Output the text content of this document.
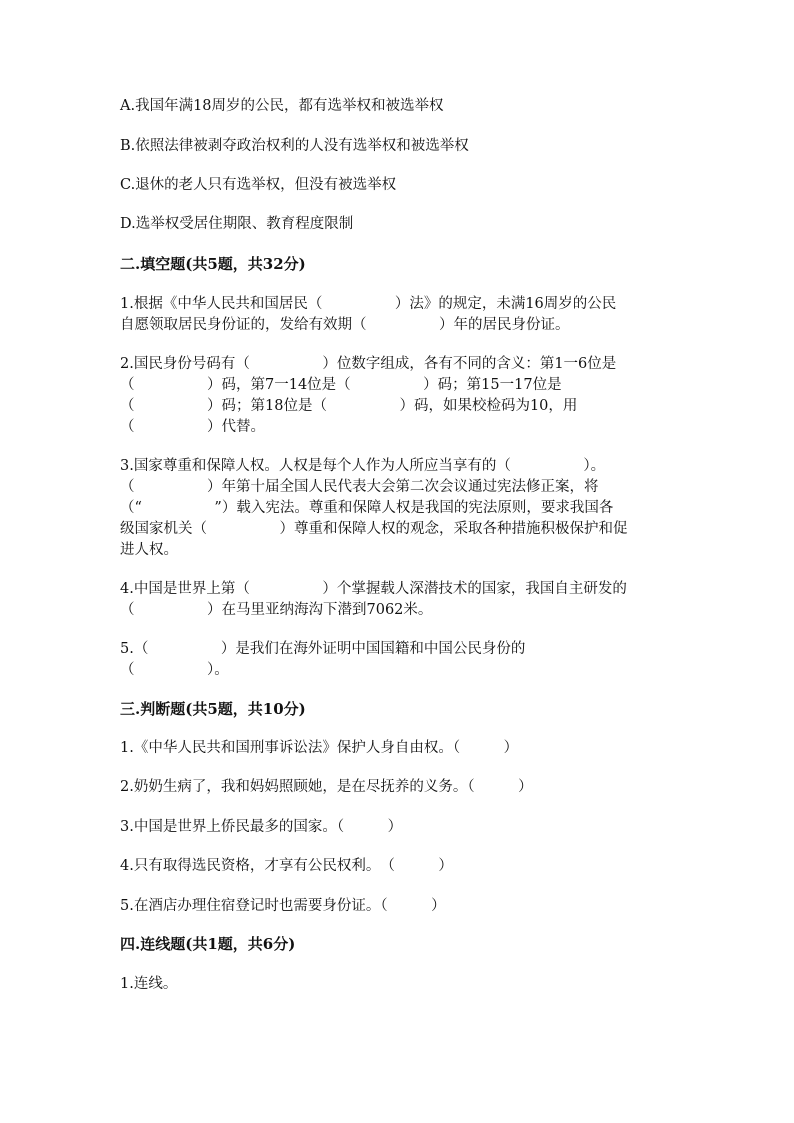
A.我国年满18周岁的公民，都有选举权和被选举权
B.依照法律被剥夺政治权利的人没有选举权和被选举权
C.退休的老人只有选举权，但没有被选举权
D.选举权受居住期限、教育程度限制
二.填空题(共5题，共32分)
1.根据《中华人民共和国居民（　　　　　）法》的规定，未满16周岁的公民
自愿领取居民身份证的，发给有效期（　　　　　）年的居民身份证。
2.国民身份号码有（　　　　　）位数字组成，各有不同的含义：第1一6位是
（　　　　　）码，第7一14位是（　　　　　）码；第15一17位是
（　　　　　）码；第18位是（　　　　　）码，如果校检码为10，用
（　　　　　）代替。
3.国家尊重和保障人权。人权是每个人作为人所应当享有的（　　　　　）。
（　　　　　）年第十届全国人民代表大会第二次会议通过宪法修正案，将
（“　　　　　”）载入宪法。尊重和保障人权是我国的宪法原则，要求我国各
级国家机关（　　　　　）尊重和保障人权的观念，采取各种措施积极保护和促
进人权。
4.中国是世界上第（　　　　　）个掌握载人深潜技术的国家，我国自主研发的
（　　　　　）在马里亚纳海沟下潜到7062米。
5.（　　　　　）是我们在海外证明中国国籍和中国公民身份的
（　　　　　）。
三.判断题(共5题，共10分)
1.《中华人民共和国刑事诉讼法》保护人身自由权。（　　　）
2.奶奶生病了，我和妈妈照顾她，是在尽抚养的义务。（　　　）
3.中国是世界上侨民最多的国家。（　　　）
4.只有取得选民资格，才享有公民权利。　（　　　）
5.在酒店办理住宿登记时也需要身份证。（　　　）
四.连线题(共1题，共6分)
1.连线。
